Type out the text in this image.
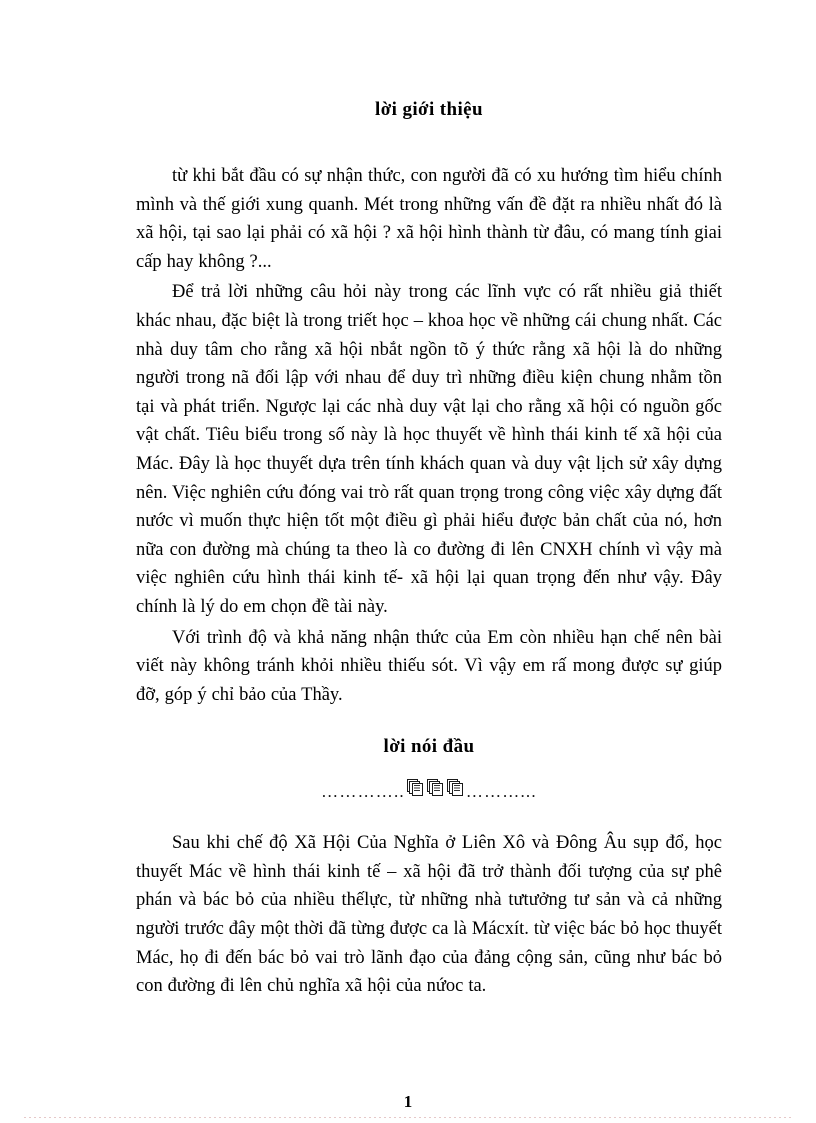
lời giới thiệu

từ khi bắt đầu có sự nhận thức, con người đã có xu hướng tìm hiểu chính mình và thế giới xung quanh. Mét trong những vấn đề đặt ra nhiều nhất đó là xã hội, tại sao lại phải có xã hội ? xã hội hình thành từ đâu, có mang tính giai cấp hay không ?...

Để trả lời những câu hỏi này trong các lĩnh vực có rất nhiều giả thiết khác nhau, đặc biệt là trong triết học – khoa học về những cái chung nhất. Các nhà duy tâm cho rằng xã hội nbắt ngồn tõ ý thức rằng xã hội là do những người trong nã đối lập với nhau để duy trì những điều kiện chung nhằm tồn tại và phát triển. Ngược lại các nhà duy vật lại cho rằng xã hội có nguồn gốc vật chất. Tiêu biểu trong số này là học thuyết về hình thái kinh tế xã hội của Mác. Đây là học thuyết dựa trên tính khách quan và duy vật lịch sử xây dựng nên. Việc nghiên cứu đóng vai trò rất quan trọng trong công việc xây dựng đất nước vì muốn thực hiện tốt một điều gì phải hiểu được bản chất của nó, hơn nữa con đường mà chúng ta theo là co đường đi lên CNXH chính vì vậy mà việc nghiên cứu hình thái kinh tế- xã hội lại quan trọng đến như vậy. Đây chính là lý do em chọn đề tài này.

Với trình độ và khả năng nhận thức của Em còn nhiều hạn chế nên bài viết này không tránh khỏi nhiều thiếu sót. Vì vậy em rấ mong được sự giúp đỡ, góp ý chỉ bảo của Thầy.

lời nói đầu
…………..	………...

Sau khi chế độ Xã Hội Của Nghĩa ở Liên Xô và Đông Âu sụp đổ, học thuyết Mác về hình thái kinh tế – xã hội đã trở thành đối tượng của sự phê phán và bác bỏ của nhiều thếlực, từ những nhà tưtưởng tư sản và cả những người trước đây một thời đã từng được ca là Mácxít. từ việc bác bỏ học thuyết Mác, họ đi đến bác bỏ vai trò lãnh đạo của đảng cộng sản, cũng như bác bỏ con đường đi lên chủ nghĩa xã hội của nứoc ta.

1
